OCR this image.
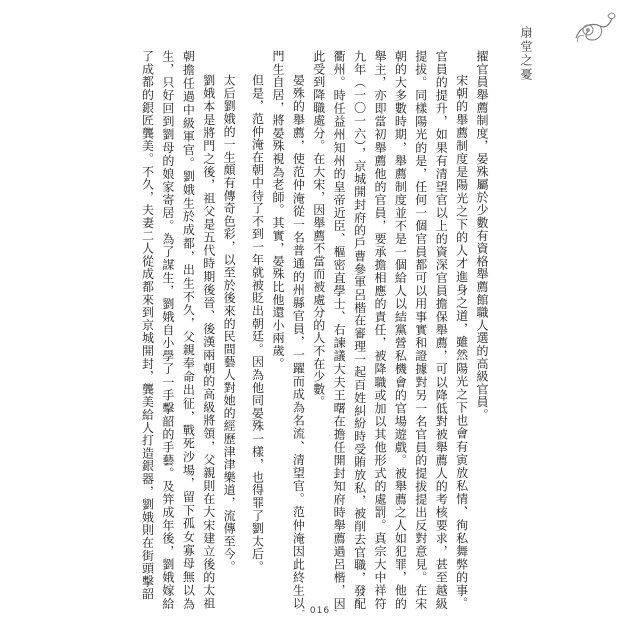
扇堂之憂

擢官員舉薦制度，晏殊屬於少數有資格舉薦館職人選的高級官員。

宋朝的舉薦制度是陽光之下的人才進身之道，雖然陽光之下也會有寅放私情、徇私舞弊的事。官員的提升，如果有清望官以上的資深官員擔保舉薦，可以降低對被舉薦人的考核要求，甚至越級提拔。同樣陽光的是，任何一個官員都可以用事實和證據對另一名官員的提拔提出反對意見。在宋朝的大多數時期，舉薦制度並不是一個給人以結黨營私機會的官場遊戲。被舉薦之人如犯罪，他的舉主，亦即當初舉薦他的官員，要承擔相應的責任，被降職或加以其他形式的處罰。真宗大中祥符九年（一〇一六），京城開封府的戶曹參軍呂楷在審理一起百姓糾紛時受賄放私，被削去官職，發配衢州。時任益州知州的皇帝近臣、樞密直學士、右諫議大夫王曙在擔任開封知府時舉薦過呂楷，因此受到降職處分。在大宋，因舉薦不當而被處分的人不在少數。

晏殊的舉薦，使范仲淹從一名普通的州縣官員，一躍而成為名流、清望官。范仲淹因此終生以門生自居，將晏殊視為老師。其實，晏殊比他還小兩歲。

但是，范仲淹在朝中待了不到一年就被貶出朝廷。因為他同晏殊一樣，也得罪了劉太后。

太后劉娥的一生頗有傳奇色彩，以至於後來的民間藝人對她的經歷津津樂道，流傳至今。

劉娥本是將門之後，祖父是五代時期後晉、後漢兩朝的高級將領，父親則在大宋建立後的太祖朝擔任過中級軍官。劉娥生於成都，出生不久，父親奉命出征，戰死沙場，留下孤女寡母無以為生，只好回到劉母的娘家寄居。為了謀生，劉娥自小學了一手擊韶的手藝。及笄成年後，劉娥嫁給了成都的銀匠龔美。不久，夫妻二人從成都來到京城開封，龔美給人打造銀器，劉娥則在街頭擊韶

- 016 -
